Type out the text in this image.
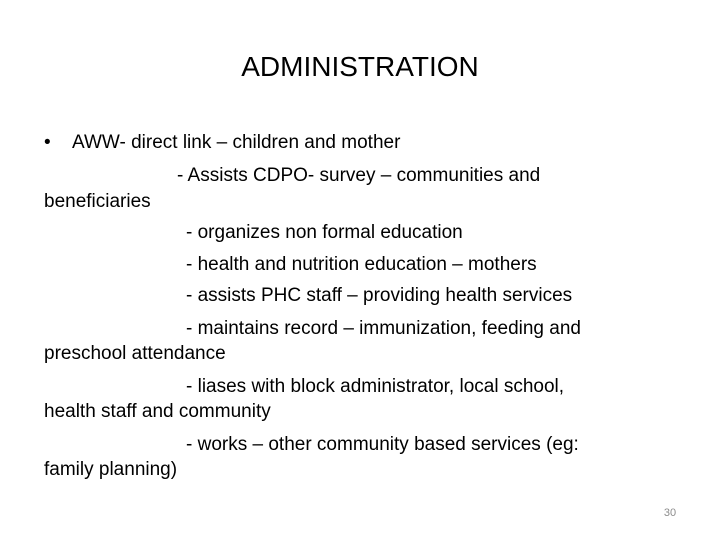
ADMINISTRATION
• AWW- direct link – children and mother
- Assists CDPO- survey – communities and
beneficiaries
- organizes non formal education
- health and nutrition education – mothers
- assists PHC staff – providing health services
- maintains record – immunization, feeding and
preschool attendance
- liases with block administrator, local school,
health staff and community
- works – other community based services (eg:
family planning)
30
